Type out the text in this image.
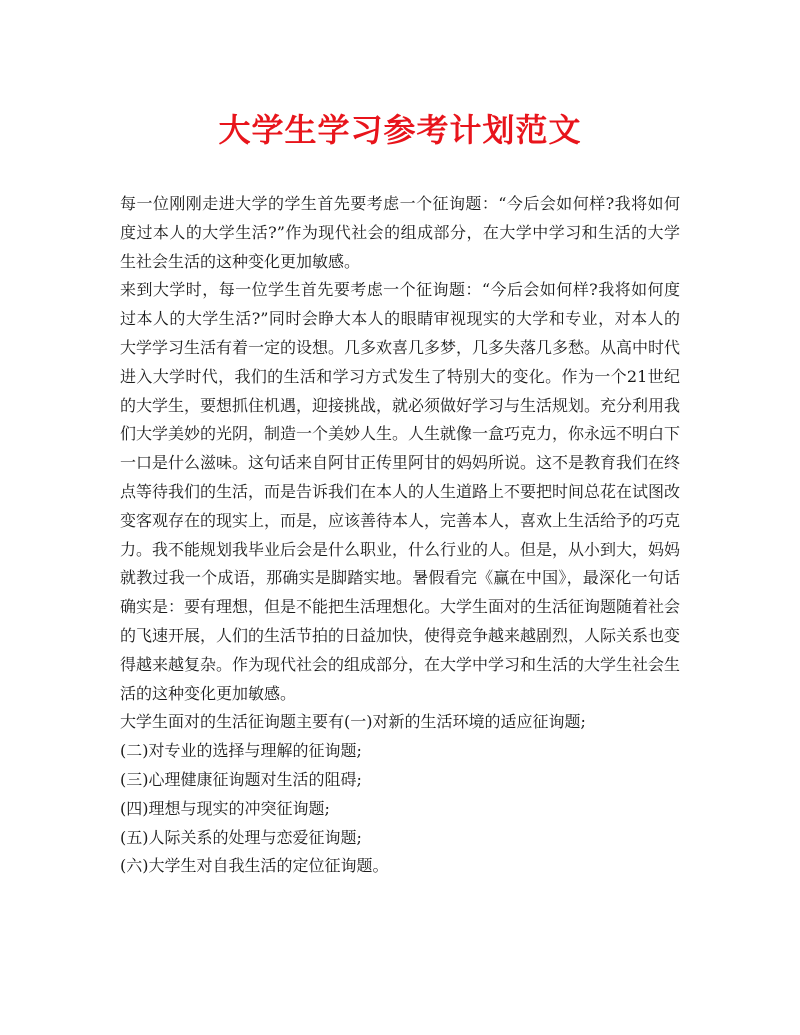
大学生学习参考计划范文

每一位刚刚走进大学的学生首先要考虑一个征询题：“今后会如何样?我将如何度过本人的大学生活?”作为现代社会的组成部分，在大学中学习和生活的大学生社会生活的这种变化更加敏感。

来到大学时，每一位学生首先要考虑一个征询题：“今后会如何样?我将如何度过本人的大学生活?”同时会睁大本人的眼睛审视现实的大学和专业，对本人的大学学习生活有着一定的设想。几多欢喜几多梦，几多失落几多愁。从高中时代进入大学时代，我们的生活和学习方式发生了特别大的变化。作为一个21世纪的大学生，要想抓住机遇，迎接挑战，就必须做好学习与生活规划。充分利用我们大学美妙的光阴，制造一个美妙人生。人生就像一盒巧克力，你永远不明白下一口是什么滋味。这句话来自阿甘正传里阿甘的妈妈所说。这不是教育我们在终点等待我们的生活，而是告诉我们在本人的人生道路上不要把时间总花在试图改变客观存在的现实上，而是，应该善待本人，完善本人，喜欢上生活给予的巧克力。我不能规划我毕业后会是什么职业，什么行业的人。但是，从小到大，妈妈就教过我一个成语，那确实是脚踏实地。暑假看完《赢在中国》，最深化一句话确实是：要有理想，但是不能把生活理想化。大学生面对的生活征询题随着社会的飞速开展，人们的生活节拍的日益加快，使得竞争越来越剧烈，人际关系也变得越来越复杂。作为现代社会的组成部分，在大学中学习和生活的大学生社会生活的这种变化更加敏感。

大学生面对的生活征询题主要有(一)对新的生活环境的适应征询题;

(二)对专业的选择与理解的征询题;

(三)心理健康征询题对生活的阻碍;

(四)理想与现实的冲突征询题;

(五)人际关系的处理与恋爱征询题;

(六)大学生对自我生活的定位征询题。
